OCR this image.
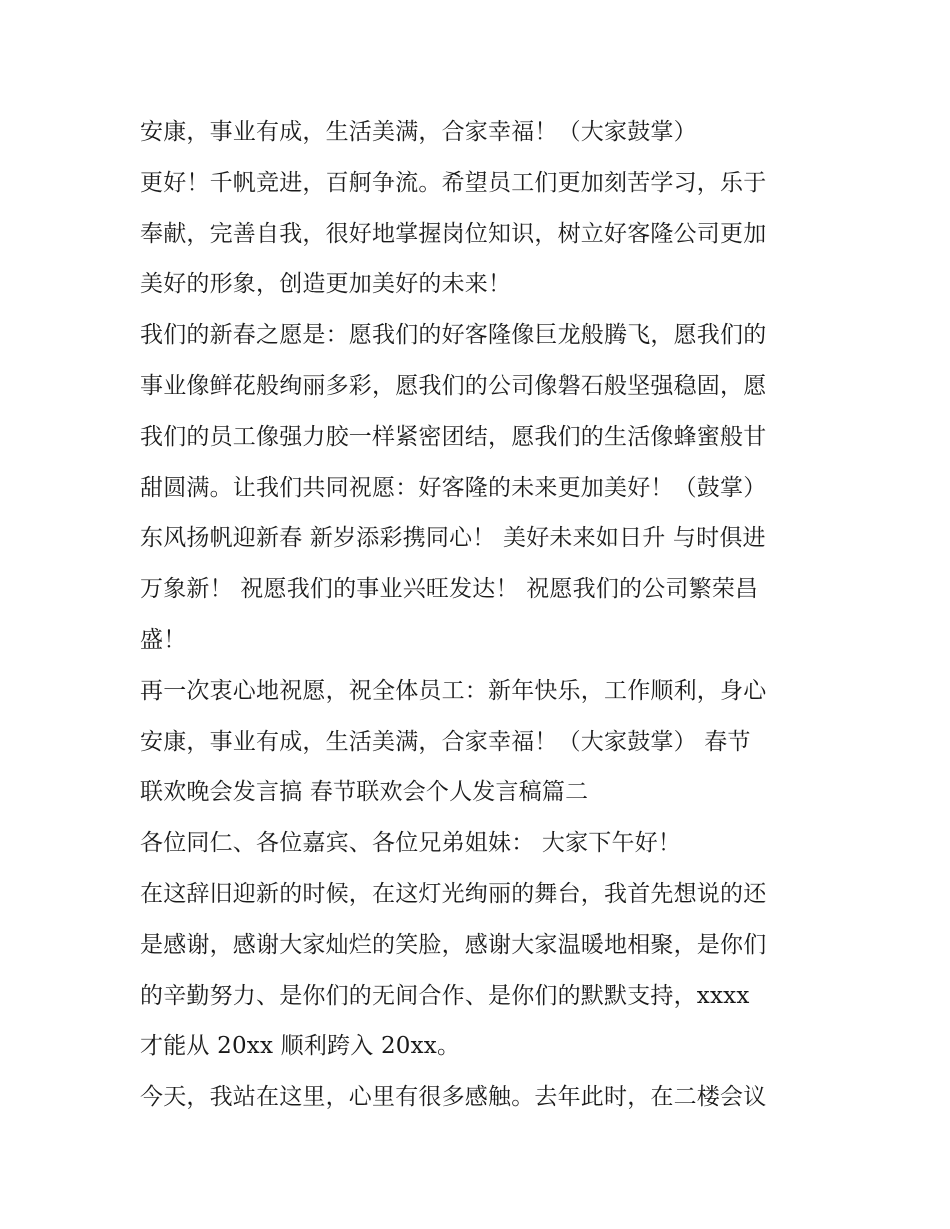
安康，事业有成，生活美满，合家幸福！（大家鼓掌）
更好！千帆竞进，百舸争流。希望员工们更加刻苦学习，乐于
奉献，完善自我，很好地掌握岗位知识，树立好客隆公司更加
美好的形象，创造更加美好的未来！
我们的新春之愿是：愿我们的好客隆像巨龙般腾飞，愿我们的
事业像鲜花般绚丽多彩，愿我们的公司像磐石般坚强稳固，愿
我们的员工像强力胶一样紧密团结，愿我们的生活像蜂蜜般甘
甜圆满。让我们共同祝愿：好客隆的未来更加美好！（鼓掌）
东风扬帆迎新春 新岁添彩携同心！ 美好未来如日升 与时俱进
万象新！ 祝愿我们的事业兴旺发达！ 祝愿我们的公司繁荣昌
盛！
再一次衷心地祝愿，祝全体员工：新年快乐，工作顺利，身心
安康，事业有成，生活美满，合家幸福！（大家鼓掌） 春节
联欢晚会发言搞 春节联欢会个人发言稿篇二
各位同仁、各位嘉宾、各位兄弟姐妹： 大家下午好！
在这辞旧迎新的时候，在这灯光绚丽的舞台，我首先想说的还
是感谢，感谢大家灿烂的笑脸，感谢大家温暖地相聚，是你们
的辛勤努力、是你们的无间合作、是你们的默默支持，xxxx
才能从 20xx 顺利跨入 20xx。
今天，我站在这里，心里有很多感触。去年此时，在二楼会议
